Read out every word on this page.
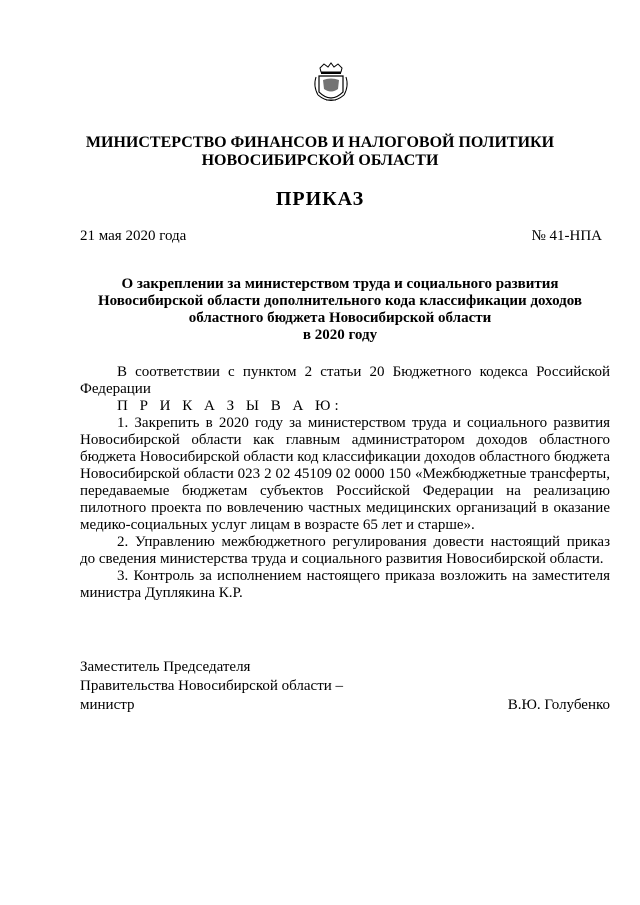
МИНИСТЕРСТВО ФИНАНСОВ И НАЛОГОВОЙ ПОЛИТИКИ
НОВОСИБИРСКОЙ ОБЛАСТИ
ПРИКАЗ
21 мая 2020 года	№ 41-НПА
О закреплении за министерством труда и социального развития
Новосибирской области дополнительного кода классификации доходов
областного бюджета Новосибирской области
в 2020 году

В соответствии с пунктом 2 статьи 20 Бюджетного кодекса Российской Федерации

П Р И К А З Ы В А Ю:

1. Закрепить в 2020 году за министерством труда и социального развития Новосибирской области как главным администратором доходов областного бюджета Новосибирской области код классификации доходов областного бюджета Новосибирской области 023 2 02 45109 02 0000 150 «Межбюджетные трансферты, передаваемые бюджетам субъектов Российской Федерации на реализацию пилотного проекта по вовлечению частных медицинских организаций в оказание медико-социальных услуг лицам в возрасте 65 лет и старше».

2. Управлению межбюджетного регулирования довести настоящий приказ до сведения министерства труда и социального развития Новосибирской области.

3. Контроль за исполнением настоящего приказа возложить на заместителя министра Дуплякина К.Р.

Заместитель Председателя
Правительства Новосибирской области –
министр	В.Ю. Голубенко
